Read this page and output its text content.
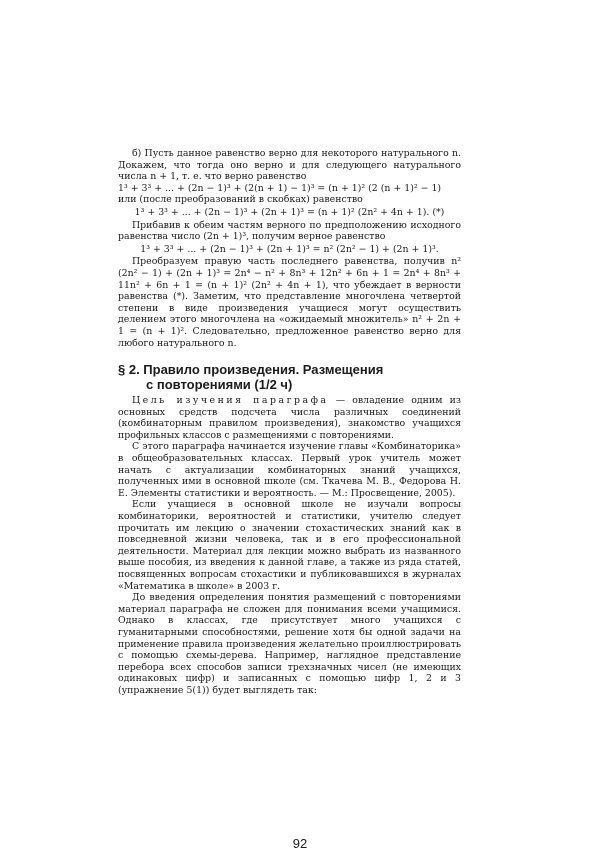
б) Пусть данное равенство верно для некоторого натурального n. Докажем, что тогда оно верно и для следующего натурального числа n + 1, т. е. что верно равенство

1³ + 3³ + ... + (2n − 1)³ + (2(n + 1) − 1)³ = (n + 1)² (2 (n + 1)² − 1)

или (после преобразований в скобках) равенство

1³ + 3³ + ... + (2n − 1)³ + (2n + 1)³ = (n + 1)² (2n² + 4n + 1). (*)

Прибавив к обеим частям верного по предположению исходного равенства число (2n + 1)³, получим верное равенство

1³ + 3³ + ... + (2n − 1)³ + (2n + 1)³ = n² (2n² − 1) + (2n + 1)³.

Преобразуем правую часть последнего равенства, получив n² (2n² − 1) + (2n + 1)³ = 2n⁴ − n² + 8n³ + 12n² + 6n + 1 = 2n⁴ + 8n³ + 11n² + 6n + 1 = (n + 1)² (2n² + 4n + 1), что убеждает в верности равенства (*). Заметим, что представление многочлена четвертой степени в виде произведения учащиеся могут осуществить делением этого многочлена на «ожидаемый множитель» n² + 2n + 1 = (n + 1)². Следовательно, предложенное равенство верно для любого натурального n.

§ 2. Правило произведения. Размещения
с повторениями (1/2 ч)

Цель изучения параграфа — овладение одним из основных средств подсчета числа различных соединений (комбинаторным правилом произведения), знакомство учащихся профильных классов с размещениями с повторениями.

С этого параграфа начинается изучение главы «Комбинаторика» в общеобразовательных классах. Первый урок учитель может начать с актуализации комбинаторных знаний учащихся, полученных ими в основной школе (см. Ткачева М. В., Федорова Н. Е. Элементы статистики и вероятность. — М.: Просвещение, 2005).

Если учащиеся в основной школе не изучали вопросы комбинаторики, вероятностей и статистики, учителю следует прочитать им лекцию о значении стохастических знаний как в повседневной жизни человека, так и в его профессиональной деятельности. Материал для лекции можно выбрать из названного выше пособия, из введения к данной главе, а также из ряда статей, посвященных вопросам стохастики и публиковавшихся в журналах «Математика в школе» в 2003 г.

До введения определения понятия размещений с повторениями материал параграфа не сложен для понимания всеми учащимися. Однако в классах, где присутствует много учащихся с гуманитарными способностями, решение хотя бы одной задачи на применение правила произведения желательно проиллюстрировать с помощью схемы-дерева. Например, наглядное представление перебора всех способов записи трехзначных чисел (не имеющих одинаковых цифр) и записанных с помощью цифр 1, 2 и 3 (упражнение 5(1)) будет выглядеть так:

92
